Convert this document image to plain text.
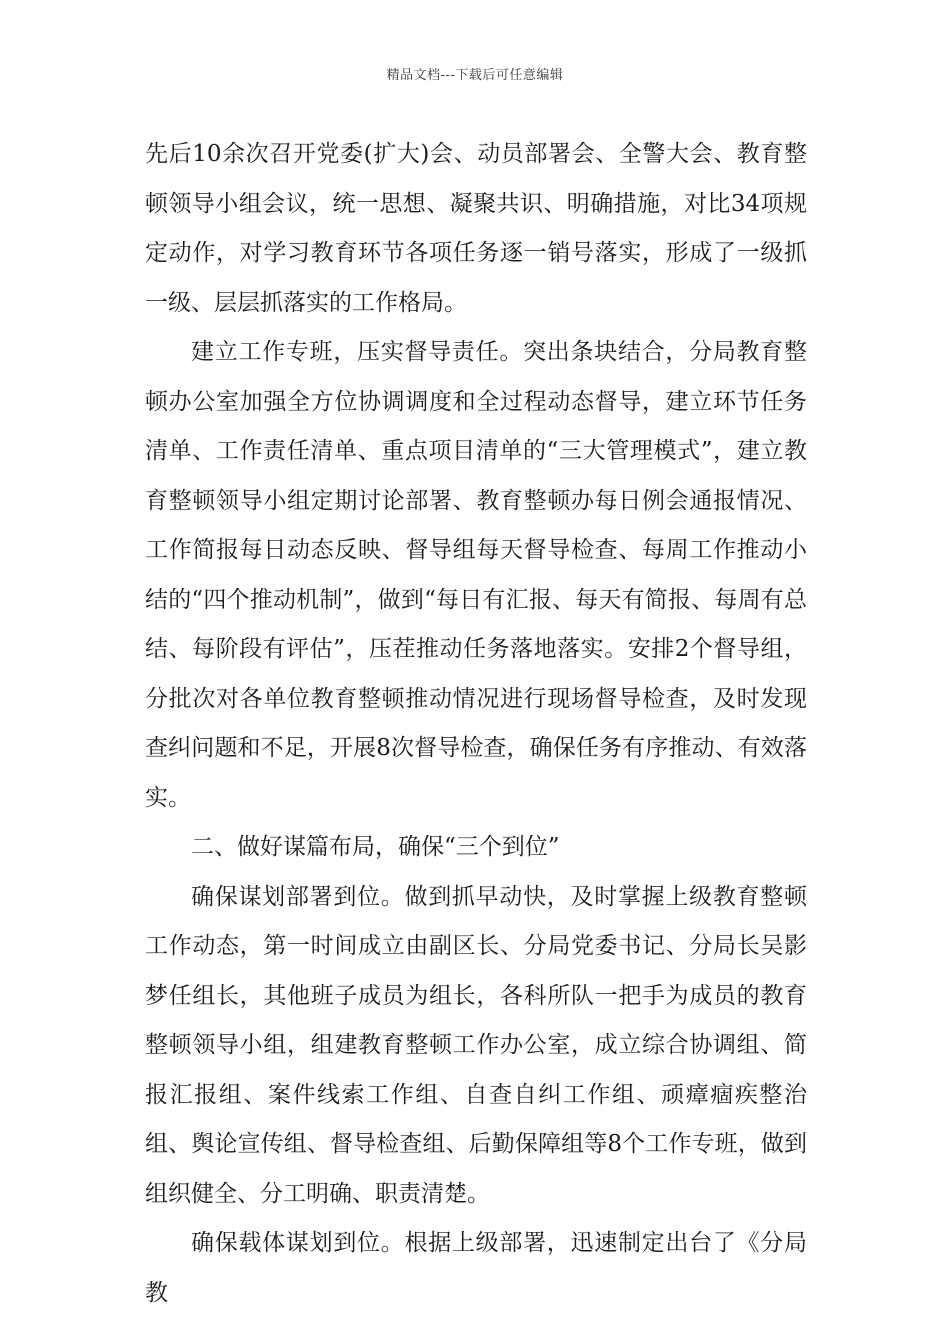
精品文档---下载后可任意编辑

先后10余次召开党委(扩大)会、动员部署会、全警大会、教育整顿领导小组会议，统一思想、凝聚共识、明确措施，对比34项规定动作，对学习教育环节各项任务逐一销号落实，形成了一级抓一级、层层抓落实的工作格局。

建立工作专班，压实督导责任。突出条块结合，分局教育整顿办公室加强全方位协调调度和全过程动态督导，建立环节任务清单、工作责任清单、重点项目清单的“三大管理模式”，建立教育整顿领导小组定期讨论部署、教育整顿办每日例会通报情况、工作简报每日动态反映、督导组每天督导检查、每周工作推动小结的“四个推动机制”，做到“每日有汇报、每天有简报、每周有总结、每阶段有评估”，压茬推动任务落地落实。安排2个督导组，分批次对各单位教育整顿推动情况进行现场督导检查，及时发现查纠问题和不足，开展8次督导检查，确保任务有序推动、有效落实。

二、做好谋篇布局，确保“三个到位”

确保谋划部署到位。做到抓早动快，及时掌握上级教育整顿工作动态，第一时间成立由副区长、分局党委书记、分局长吴影梦任组长，其他班子成员为组长，各科所队一把手为成员的教育整顿领导小组，组建教育整顿工作办公室，成立综合协调组、简报汇报组、案件线索工作组、自查自纠工作组、顽瘴痼疾整治组、舆论宣传组、督导检查组、后勤保障组等8个工作专班，做到组织健全、分工明确、职责清楚。

确保载体谋划到位。根据上级部署，迅速制定出台了《分局教
